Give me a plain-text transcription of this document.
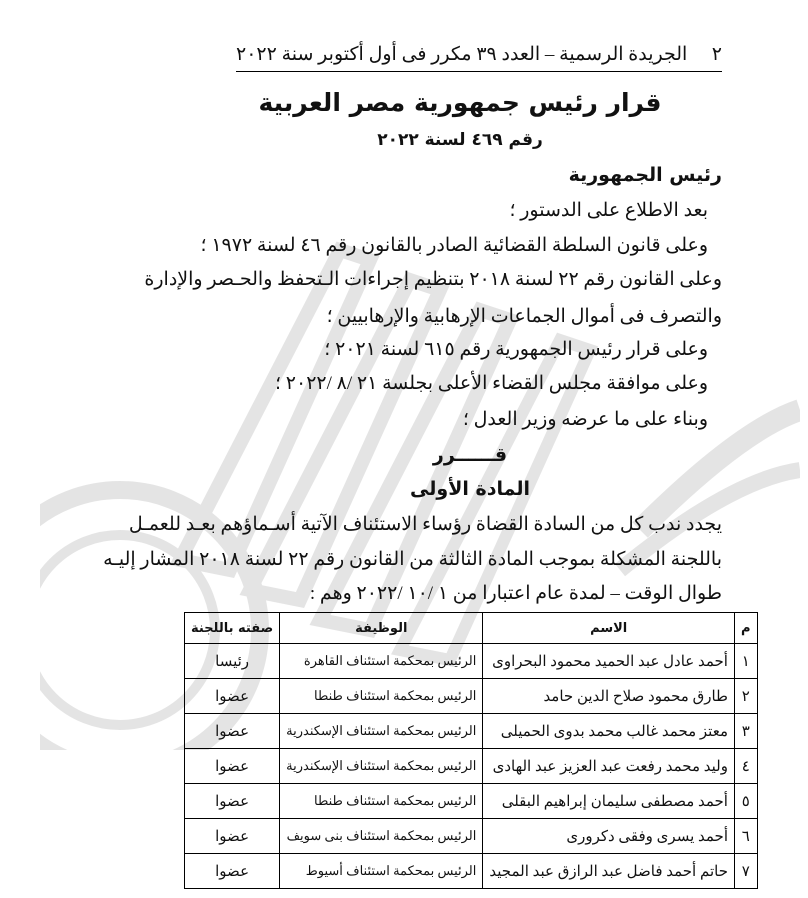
٢
الجريدة الرسمية – العدد ٣٩ مكرر فى أول أكتوبر سنة ٢٠٢٢
قرار رئيس جمهورية مصر العربية
رقم ٤٦٩ لسنة ٢٠٢٢
رئيس الجمهورية
بعد الاطلاع على الدستور ؛
وعلى قانون السلطة القضائية الصادر بالقانون رقم ٤٦ لسنة ١٩٧٢ ؛
وعلى القانون رقم ٢٢ لسنة ٢٠١٨ بتنظيم إجراءات الـتحفظ والحـصر والإدارة
والتصرف فى أموال الجماعات الإرهابية والإرهابيين ؛
وعلى قرار رئيس الجمهورية رقم ٦١٥ لسنة ٢٠٢١ ؛
وعلى موافقة مجلس القضاء الأعلى بجلسة ٢١ /٨ /٢٠٢٢ ؛
وبناء على ما عرضه وزير العدل ؛
قــــــرر
المادة الأولى
يجدد ندب كل من السادة القضاة رؤساء الاستئناف الآتية أسـماؤهم بعـد للعمـل
باللجنة المشكلة بموجب المادة الثالثة من القانون رقم ٢٢ لسنة ٢٠١٨ المشار إليـه
طوال الوقت – لمدة عام اعتبارا من ١ /١٠ /٢٠٢٢ وهم :
م	الاسم	الوظيفة	صفته باللجنة
١	أحمد عادل عبد الحميد محمود البحراوى	الرئيس بمحكمة استئناف القاهرة	رئيسا
٢	طارق محمود صلاح الدين حامد	الرئيس بمحكمة استئناف طنطا	عضوا
٣	معتز محمد غالب محمد بدوى الحميلى	الرئيس بمحكمة استئناف الإسكندرية	عضوا
٤	وليد محمد رفعت عبد العزيز عبد الهادى	الرئيس بمحكمة استئناف الإسكندرية	عضوا
٥	أحمد مصطفى سليمان إبراهيم البقلى	الرئيس بمحكمة استئناف طنطا	عضوا
٦	أحمد يسرى وفقى دكرورى	الرئيس بمحكمة استئناف بنى سويف	عضوا
٧	حاتم أحمد فاضل عبد الرازق عبد المجيد	الرئيس بمحكمة استئناف أسيوط	عضوا
